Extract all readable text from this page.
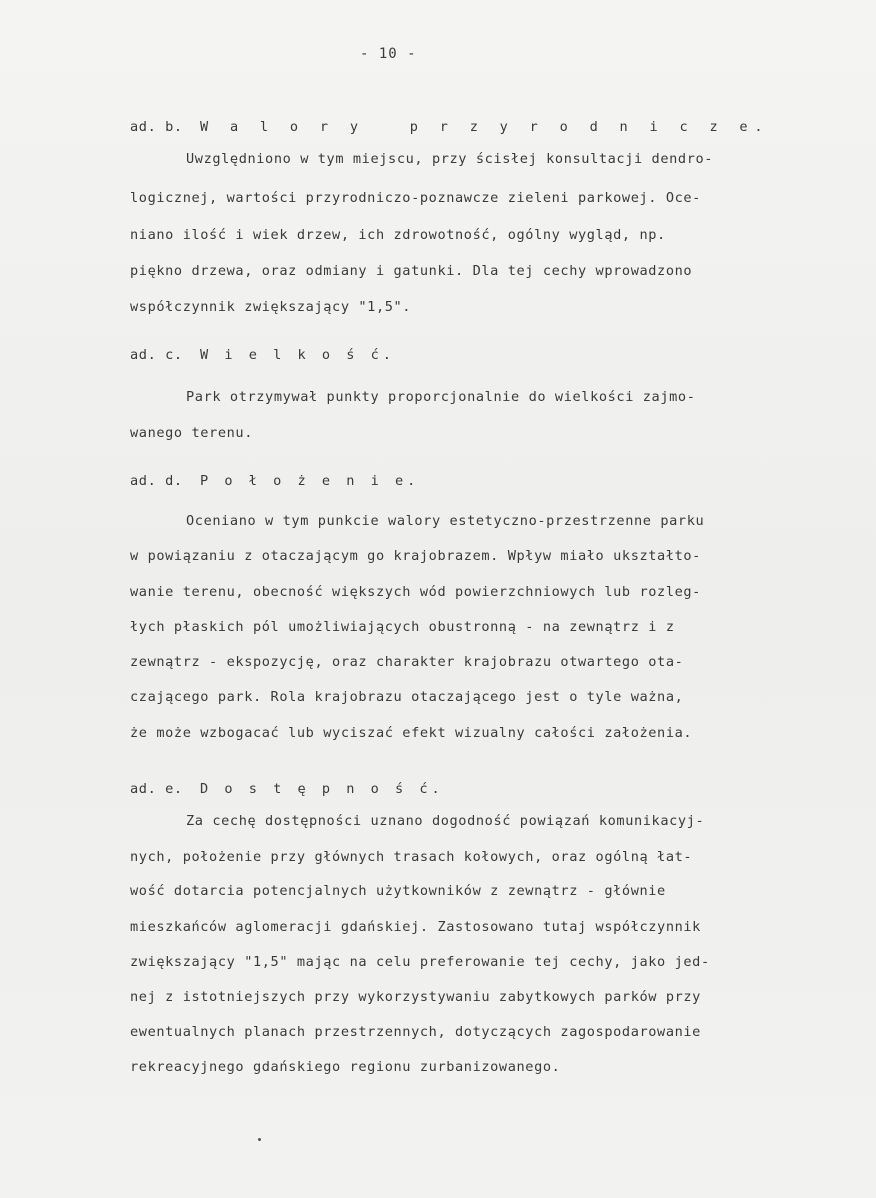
- 10 -
ad. b. W a l o r y   p r z y r o d n i c z e.
Uwzględniono w tym miejscu, przy ścisłej konsultacji dendro-
logicznej, wartości przyrodniczo-poznawcze zieleni parkowej. Oce-
niano ilość i wiek drzew, ich zdrowotność, ogólny wygląd, np.
piękno drzewa, oraz odmiany i gatunki. Dla tej cechy wprowadzono
współczynnik zwiększający "1,5".
ad. c. W i e l k o ś ć.
Park otrzymywał punkty proporcjonalnie do wielkości zajmo-
wanego terenu.
ad. d. P o ł o ż e n i e.
Oceniano w tym punkcie walory estetyczno-przestrzenne parku
w powiązaniu z otaczającym go krajobrazem. Wpływ miało ukształto-
wanie terenu, obecność większych wód powierzchniowych lub rozleg-
łych płaskich pól umożliwiających obustronną - na zewnątrz i z
zewnątrz - ekspozycję, oraz charakter krajobrazu otwartego ota-
czającego park. Rola krajobrazu otaczającego jest o tyle ważna,
że może wzbogacać lub wyciszać efekt wizualny całości założenia.
ad. e. D o s t ę p n o ś ć.
Za cechę dostępności uznano dogodność powiązań komunikacyj-
nych, położenie przy głównych trasach kołowych, oraz ogólną łat-
wość dotarcia potencjalnych użytkowników z zewnątrz - głównie
mieszkańców aglomeracji gdańskiej. Zastosowano tutaj współczynnik
zwiększający "1,5" mając na celu preferowanie tej cechy, jako jed-
nej z istotniejszych przy wykorzystywaniu zabytkowych parków przy
ewentualnych planach przestrzennych, dotyczących zagospodarowanie
rekreacyjnego gdańskiego regionu zurbanizowanego.
